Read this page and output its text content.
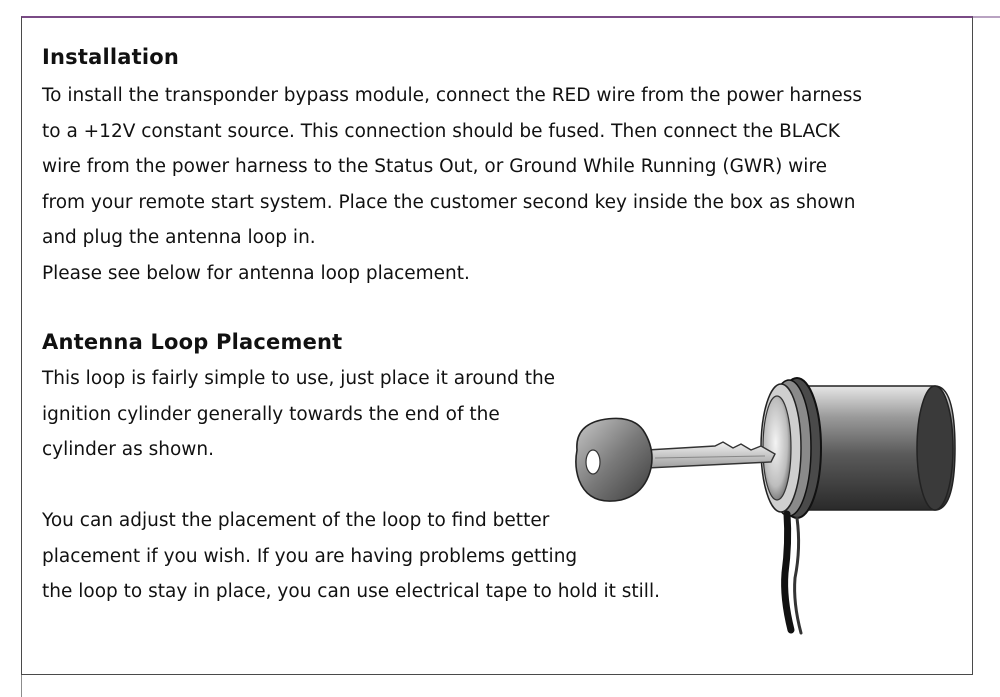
Installation
To install the transponder bypass module, connect the RED wire from the power harness
to a +12V constant source. This connection should be fused. Then connect the BLACK
wire from the power harness to the Status Out, or Ground While Running (GWR) wire
from your remote start system. Place the customer second key inside the box as shown
and plug the antenna loop in.
Please see below for antenna loop placement.
Antenna Loop Placement
This loop is fairly simple to use, just place it around the
ignition cylinder generally towards the end of the
cylinder as shown.
You can adjust the placement of the loop to find better
placement if you wish. If you are having problems getting
the loop to stay in place, you can use electrical tape to hold it still.
